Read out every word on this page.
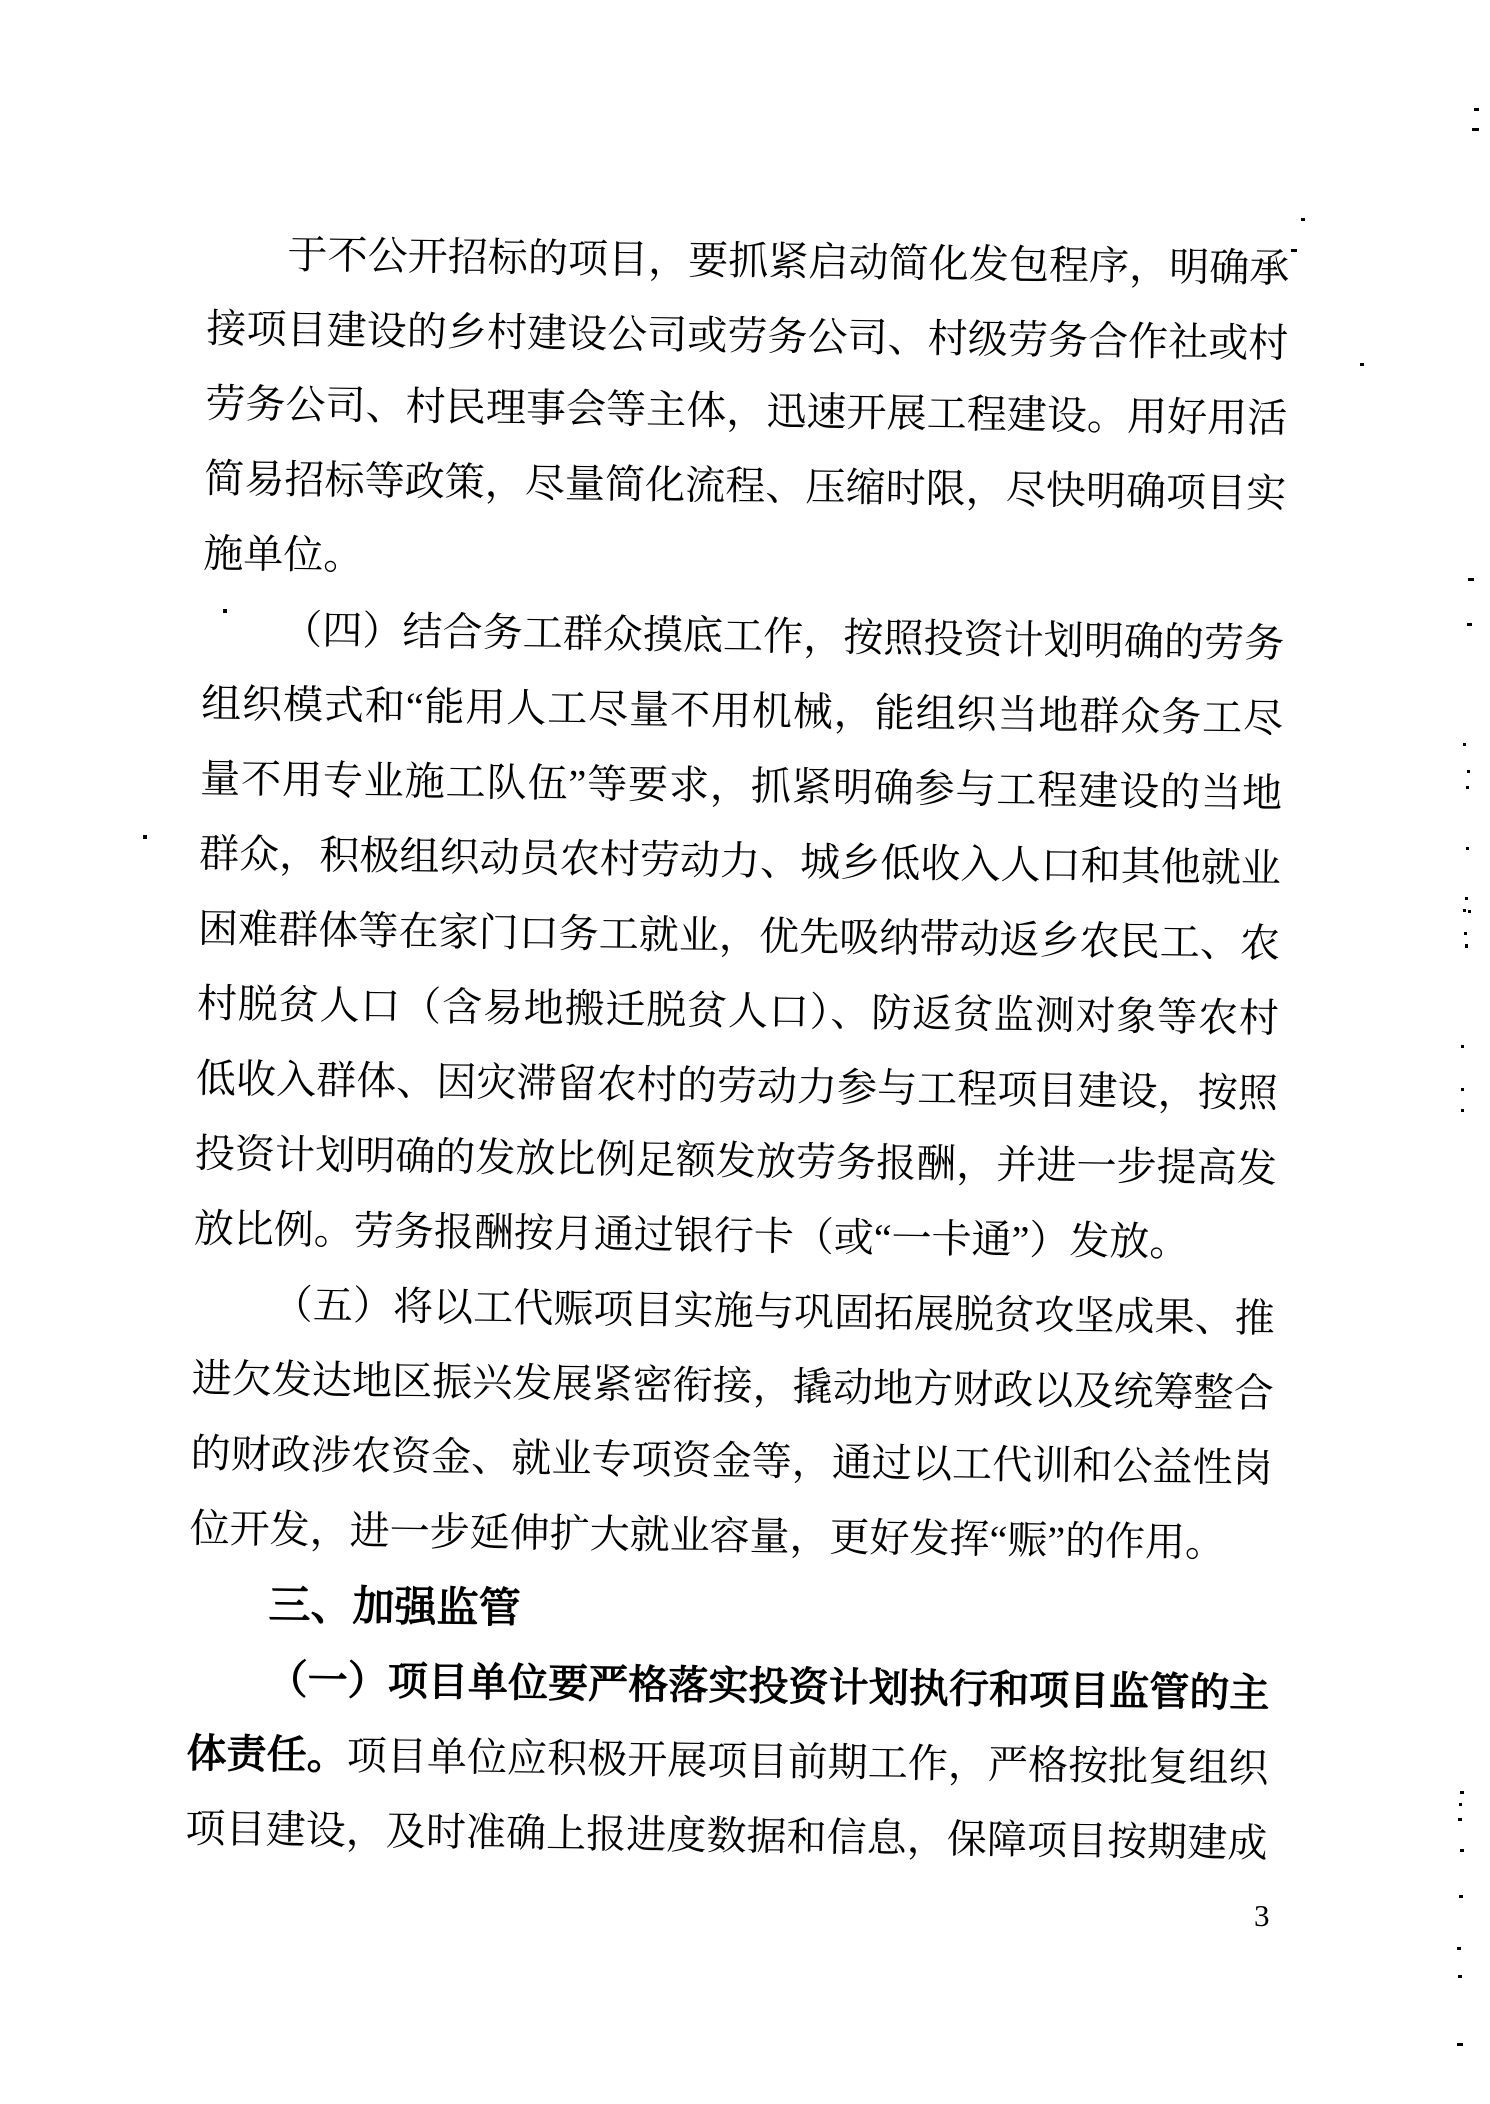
于不公开招标的项目，要抓紧启动简化发包程序，明确承
接项目建设的乡村建设公司或劳务公司、村级劳务合作社或村
劳务公司、村民理事会等主体，迅速开展工程建设。用好用活
简易招标等政策，尽量简化流程、压缩时限，尽快明确项目实
施单位。
（四）结合务工群众摸底工作，按照投资计划明确的劳务
组织模式和“能用人工尽量不用机械，能组织当地群众务工尽
量不用专业施工队伍”等要求，抓紧明确参与工程建设的当地
群众，积极组织动员农村劳动力、城乡低收入人口和其他就业
困难群体等在家门口务工就业，优先吸纳带动返乡农民工、农
村脱贫人口（含易地搬迁脱贫人口）、防返贫监测对象等农村
低收入群体、因灾滞留农村的劳动力参与工程项目建设，按照
投资计划明确的发放比例足额发放劳务报酬，并进一步提高发
放比例。劳务报酬按月通过银行卡（或“一卡通”）发放。
（五）将以工代赈项目实施与巩固拓展脱贫攻坚成果、推
进欠发达地区振兴发展紧密衔接，撬动地方财政以及统筹整合
的财政涉农资金、就业专项资金等，通过以工代训和公益性岗
位开发，进一步延伸扩大就业容量，更好发挥“赈”的作用。
三、加强监管
（一）项目单位要严格落实投资计划执行和项目监管的主
体责任。项目单位应积极开展项目前期工作，严格按批复组织
项目建设，及时准确上报进度数据和信息，保障项目按期建成
3
